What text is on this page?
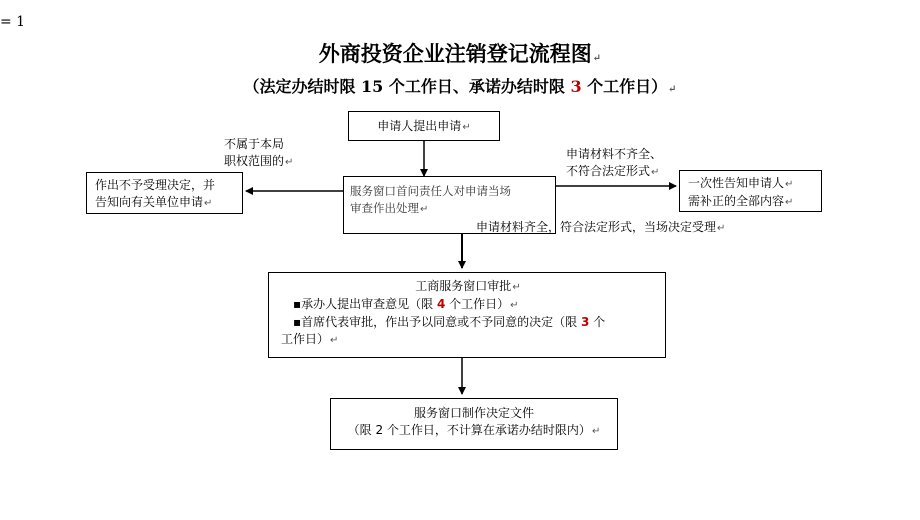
= 1
外商投资企业注销登记流程图↵
（法定办结时限 15 个工作日、承诺办结时限 3 个工作日）↵
申请人提出申请↵
服务窗口首问责任人对申请当场
审查作出处理↵
作出不予受理决定，并
告知向有关单位申请↵
一次性告知申请人↵
需补正的全部内容↵
不属于本局
职权范围的↵
申请材料不齐全、
不符合法定形式↵
申请材料齐全，符合法定形式，当场决定受理↵
工商服务窗口审批↵
▪承办人提出审查意见（限 4 个工作日）↵
▪首席代表审批，作出予以同意或不予同意的决定（限 3 个
工作日）↵
服务窗口制作决定文件
（限 2 个工作日，不计算在承诺办结时限内）↵
